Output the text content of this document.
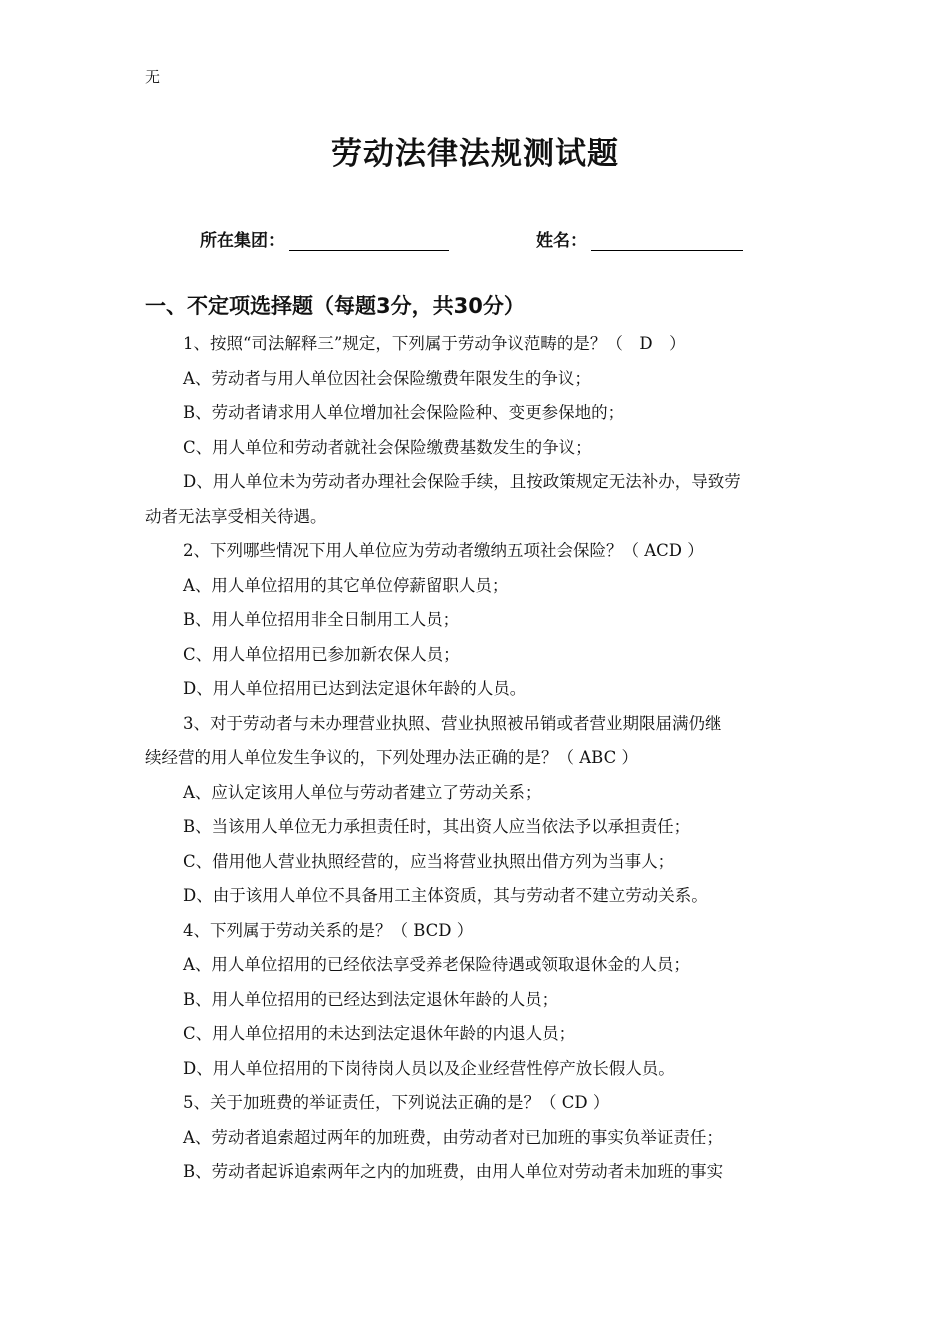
无
劳动法律法规测试题
所在集团：	姓名：
一、不定项选择题（每题3分，共30分）
1、按照“司法解释三”规定，下列属于劳动争议范畴的是？（　D　）
A、劳动者与用人单位因社会保险缴费年限发生的争议；
B、劳动者请求用人单位增加社会保险险种、变更参保地的；
C、用人单位和劳动者就社会保险缴费基数发生的争议；
D、用人单位未为劳动者办理社会保险手续，且按政策规定无法补办，导致劳
动者无法享受相关待遇。
2、下列哪些情况下用人单位应为劳动者缴纳五项社会保险？（ ACD ）
A、用人单位招用的其它单位停薪留职人员；
B、用人单位招用非全日制用工人员；
C、用人单位招用已参加新农保人员；
D、用人单位招用已达到法定退休年龄的人员。
3、对于劳动者与未办理营业执照、营业执照被吊销或者营业期限届满仍继
续经营的用人单位发生争议的，下列处理办法正确的是？（ ABC ）
A、应认定该用人单位与劳动者建立了劳动关系；
B、当该用人单位无力承担责任时，其出资人应当依法予以承担责任；
C、借用他人营业执照经营的，应当将营业执照出借方列为当事人；
D、由于该用人单位不具备用工主体资质，其与劳动者不建立劳动关系。
4、下列属于劳动关系的是？（ BCD ）
A、用人单位招用的已经依法享受养老保险待遇或领取退休金的人员；
B、用人单位招用的已经达到法定退休年龄的人员；
C、用人单位招用的未达到法定退休年龄的内退人员；
D、用人单位招用的下岗待岗人员以及企业经营性停产放长假人员。
5、关于加班费的举证责任，下列说法正确的是？（ CD ）
A、劳动者追索超过两年的加班费，由劳动者对已加班的事实负举证责任；
B、劳动者起诉追索两年之内的加班费，由用人单位对劳动者未加班的事实
